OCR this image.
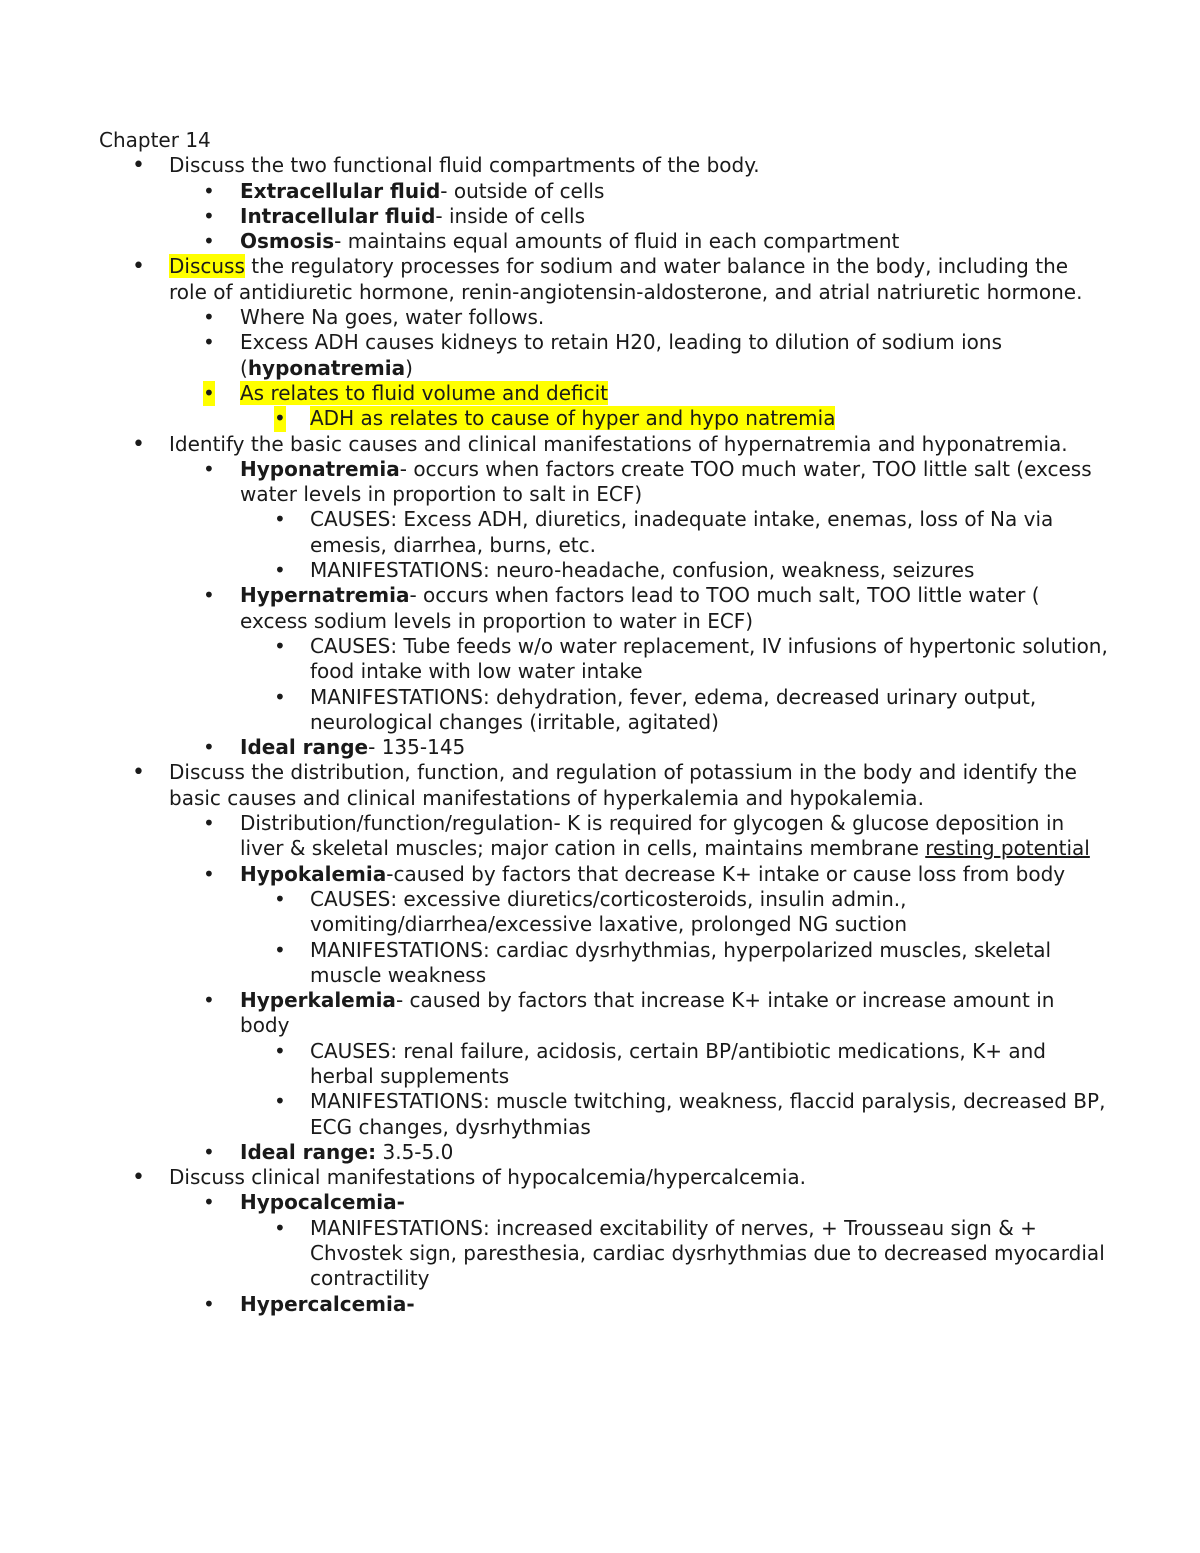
Chapter 14

• Discuss the two functional fluid compartments of the body.
• Extracellular fluid- outside of cells
• Intracellular fluid- inside of cells
• Osmosis- maintains equal amounts of fluid in each compartment
• Discuss the regulatory processes for sodium and water balance in the body, including the role of antidiuretic hormone, renin-angiotensin-aldosterone, and atrial natriuretic hormone.
• Where Na goes, water follows.
• Excess ADH causes kidneys to retain H20, leading to dilution of sodium ions (hyponatremia)
• As relates to fluid volume and deficit
• ADH as relates to cause of hyper and hypo natremia
• Identify the basic causes and clinical manifestations of hypernatremia and hyponatremia.
• Hyponatremia- occurs when factors create TOO much water, TOO little salt (excess water levels in proportion to salt in ECF)
• CAUSES: Excess ADH, diuretics, inadequate intake, enemas, loss of Na via emesis, diarrhea, burns, etc.
• MANIFESTATIONS: neuro-headache, confusion, weakness, seizures
• Hypernatremia- occurs when factors lead to TOO much salt, TOO little water ( excess sodium levels in proportion to water in ECF)
• CAUSES: Tube feeds w/o water replacement, IV infusions of hypertonic solution, food intake with low water intake
• MANIFESTATIONS: dehydration, fever, edema, decreased urinary output, neurological changes (irritable, agitated)
• Ideal range- 135-145
• Discuss the distribution, function, and regulation of potassium in the body and identify the basic causes and clinical manifestations of hyperkalemia and hypokalemia.
• Distribution/function/regulation- K is required for glycogen & glucose deposition in liver & skeletal muscles; major cation in cells, maintains membrane resting potential
• Hypokalemia-caused by factors that decrease K+ intake or cause loss from body
• CAUSES: excessive diuretics/corticosteroids, insulin admin., vomiting/diarrhea/excessive laxative, prolonged NG suction
• MANIFESTATIONS: cardiac dysrhythmias, hyperpolarized muscles, skeletal muscle weakness
• Hyperkalemia- caused by factors that increase K+ intake or increase amount in body
• CAUSES: renal failure, acidosis, certain BP/antibiotic medications, K+ and herbal supplements
• MANIFESTATIONS: muscle twitching, weakness, flaccid paralysis, decreased BP, ECG changes, dysrhythmias
• Ideal range: 3.5-5.0
• Discuss clinical manifestations of hypocalcemia/hypercalcemia.
• Hypocalcemia-
• MANIFESTATIONS: increased excitability of nerves, + Trousseau sign & + Chvostek sign, paresthesia, cardiac dysrhythmias due to decreased myocardial contractility
• Hypercalcemia-
